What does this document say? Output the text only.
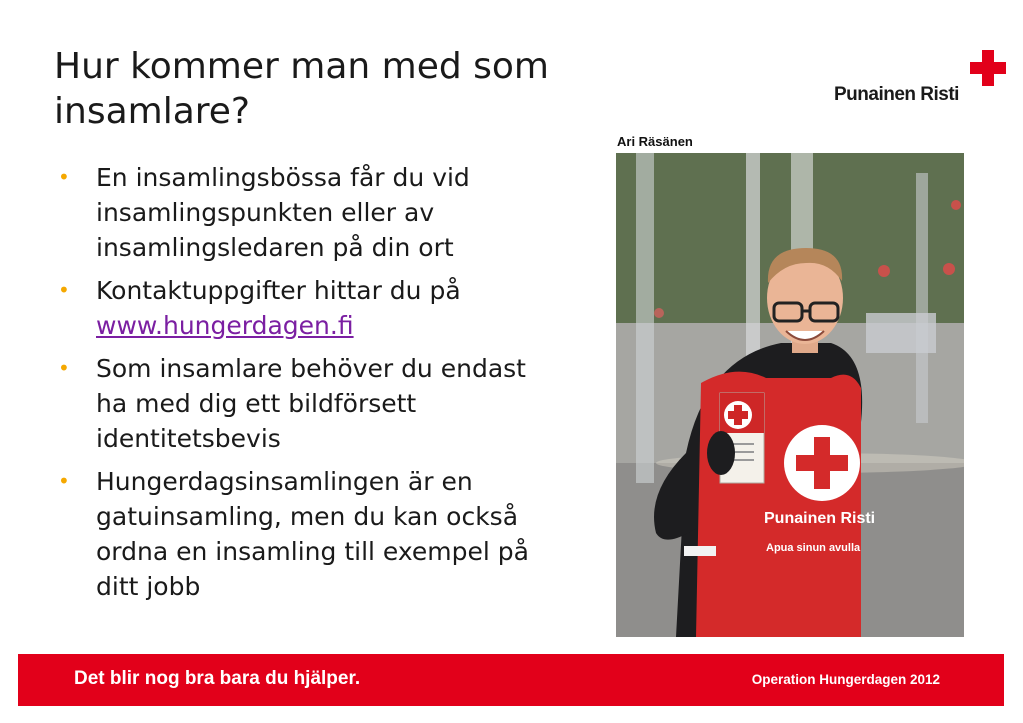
Hur kommer man med som
insamlare?	Punainen Risti
Ari Räsänen
• En insamlingsbössa får du vid insamlingspunkten eller av insamlingsledaren på din ort
• Kontaktuppgifter hittar du på www.hungerdagen.fi
• Som insamlare behöver du endast ha med dig ett bildförsett identitetsbevis
• Hungerdagsinsamlingen är en gatuinsamling, men du kan också ordna en insamling till exempel på ditt jobb
Punainen Risti
Apua sinun avulla
Det blir nog bra bara du hjälper.	Operation Hungerdagen 2012
